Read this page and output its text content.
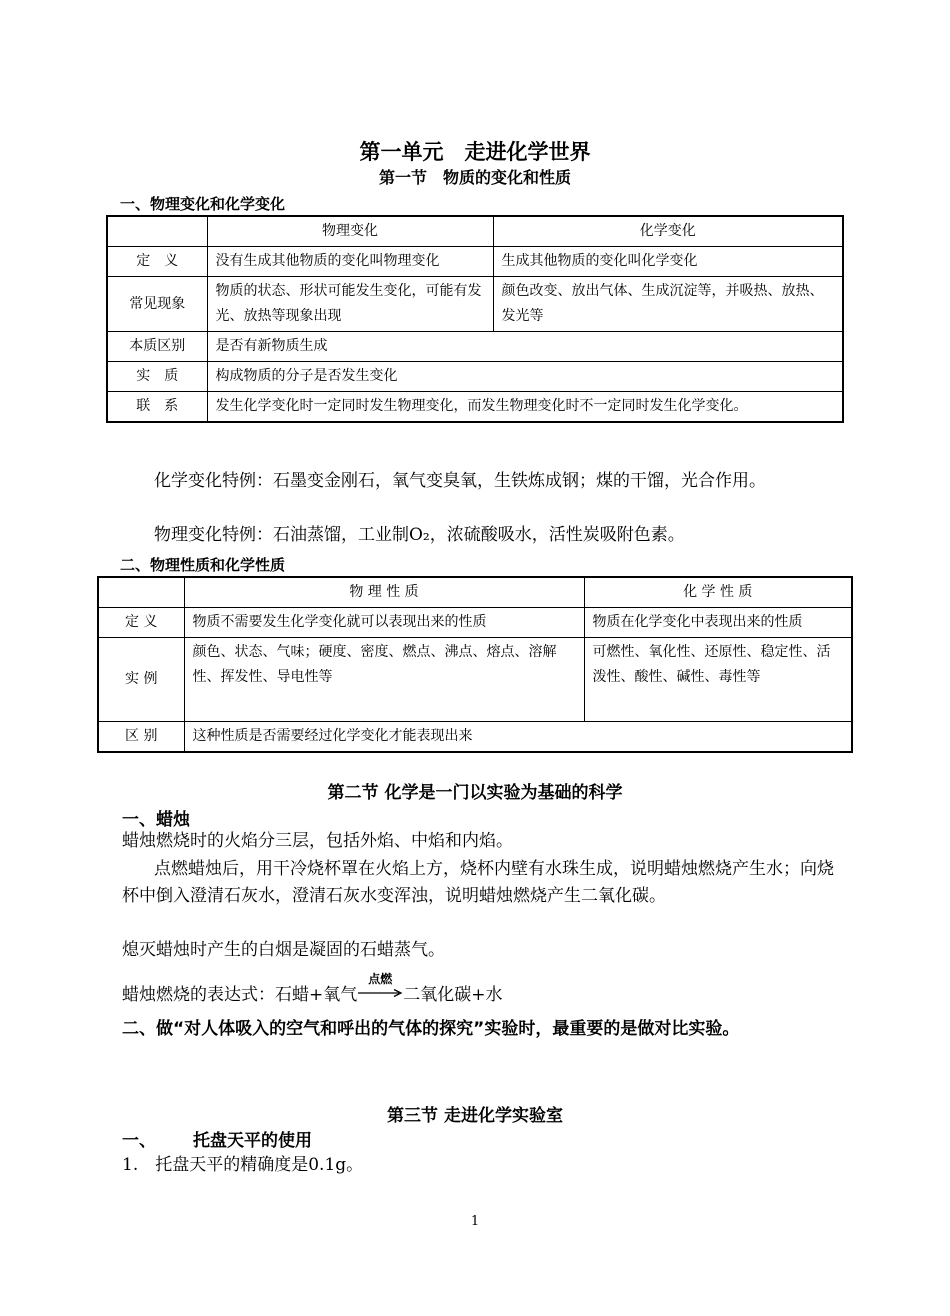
第一单元　走进化学世界
第一节　物质的变化和性质
一、物理变化和化学变化
	物理变化	化学变化
定　义	没有生成其他物质的变化叫物理变化	生成其他物质的变化叫化学变化
常见现象	物质的状态、形状可能发生变化，可能有发光、放热等现象出现	颜色改变、放出气体、生成沉淀等，并吸热、放热、发光等
本质区别	是否有新物质生成	
实　质	构成物质的分子是否发生变化	
联　系	发生化学变化时一定同时发生物理变化，而发生物理变化时不一定同时发生化学变化。	
化学变化特例：石墨变金刚石，氧气变臭氧，生铁炼成钢；煤的干馏，光合作用。
物理变化特例：石油蒸馏，工业制O₂，浓硫酸吸水，活性炭吸附色素。
二、物理性质和化学性质
	物 理 性 质	化 学 性 质
定 义	物质不需要发生化学变化就可以表现出来的性质	物质在化学变化中表现出来的性质
实 例	颜色、状态、气味；硬度、密度、燃点、沸点、熔点、溶解性、挥发性、导电性等	可燃性、氧化性、还原性、稳定性、活泼性、酸性、碱性、毒性等
区 别	这种性质是否需要经过化学变化才能表现出来	
第二节 化学是一门以实验为基础的科学
一、蜡烛
蜡烛燃烧时的火焰分三层，包括外焰、中焰和内焰。
点燃蜡烛后，用干冷烧杯罩在火焰上方，烧杯内壁有水珠生成，说明蜡烛燃烧产生水；向烧杯中倒入澄清石灰水，澄清石灰水变浑浊，说明蜡烛燃烧产生二氧化碳。
熄灭蜡烛时产生的白烟是凝固的石蜡蒸气。
蜡烛燃烧的表达式：石蜡+氧气
点燃
二氧化碳+水
二、做“对人体吸入的空气和呼出的气体的探究”实验时，最重要的是做对比实验。
第三节 走进化学实验室
一、 托盘天平的使用
1.　托盘天平的精确度是0.1g。
1
